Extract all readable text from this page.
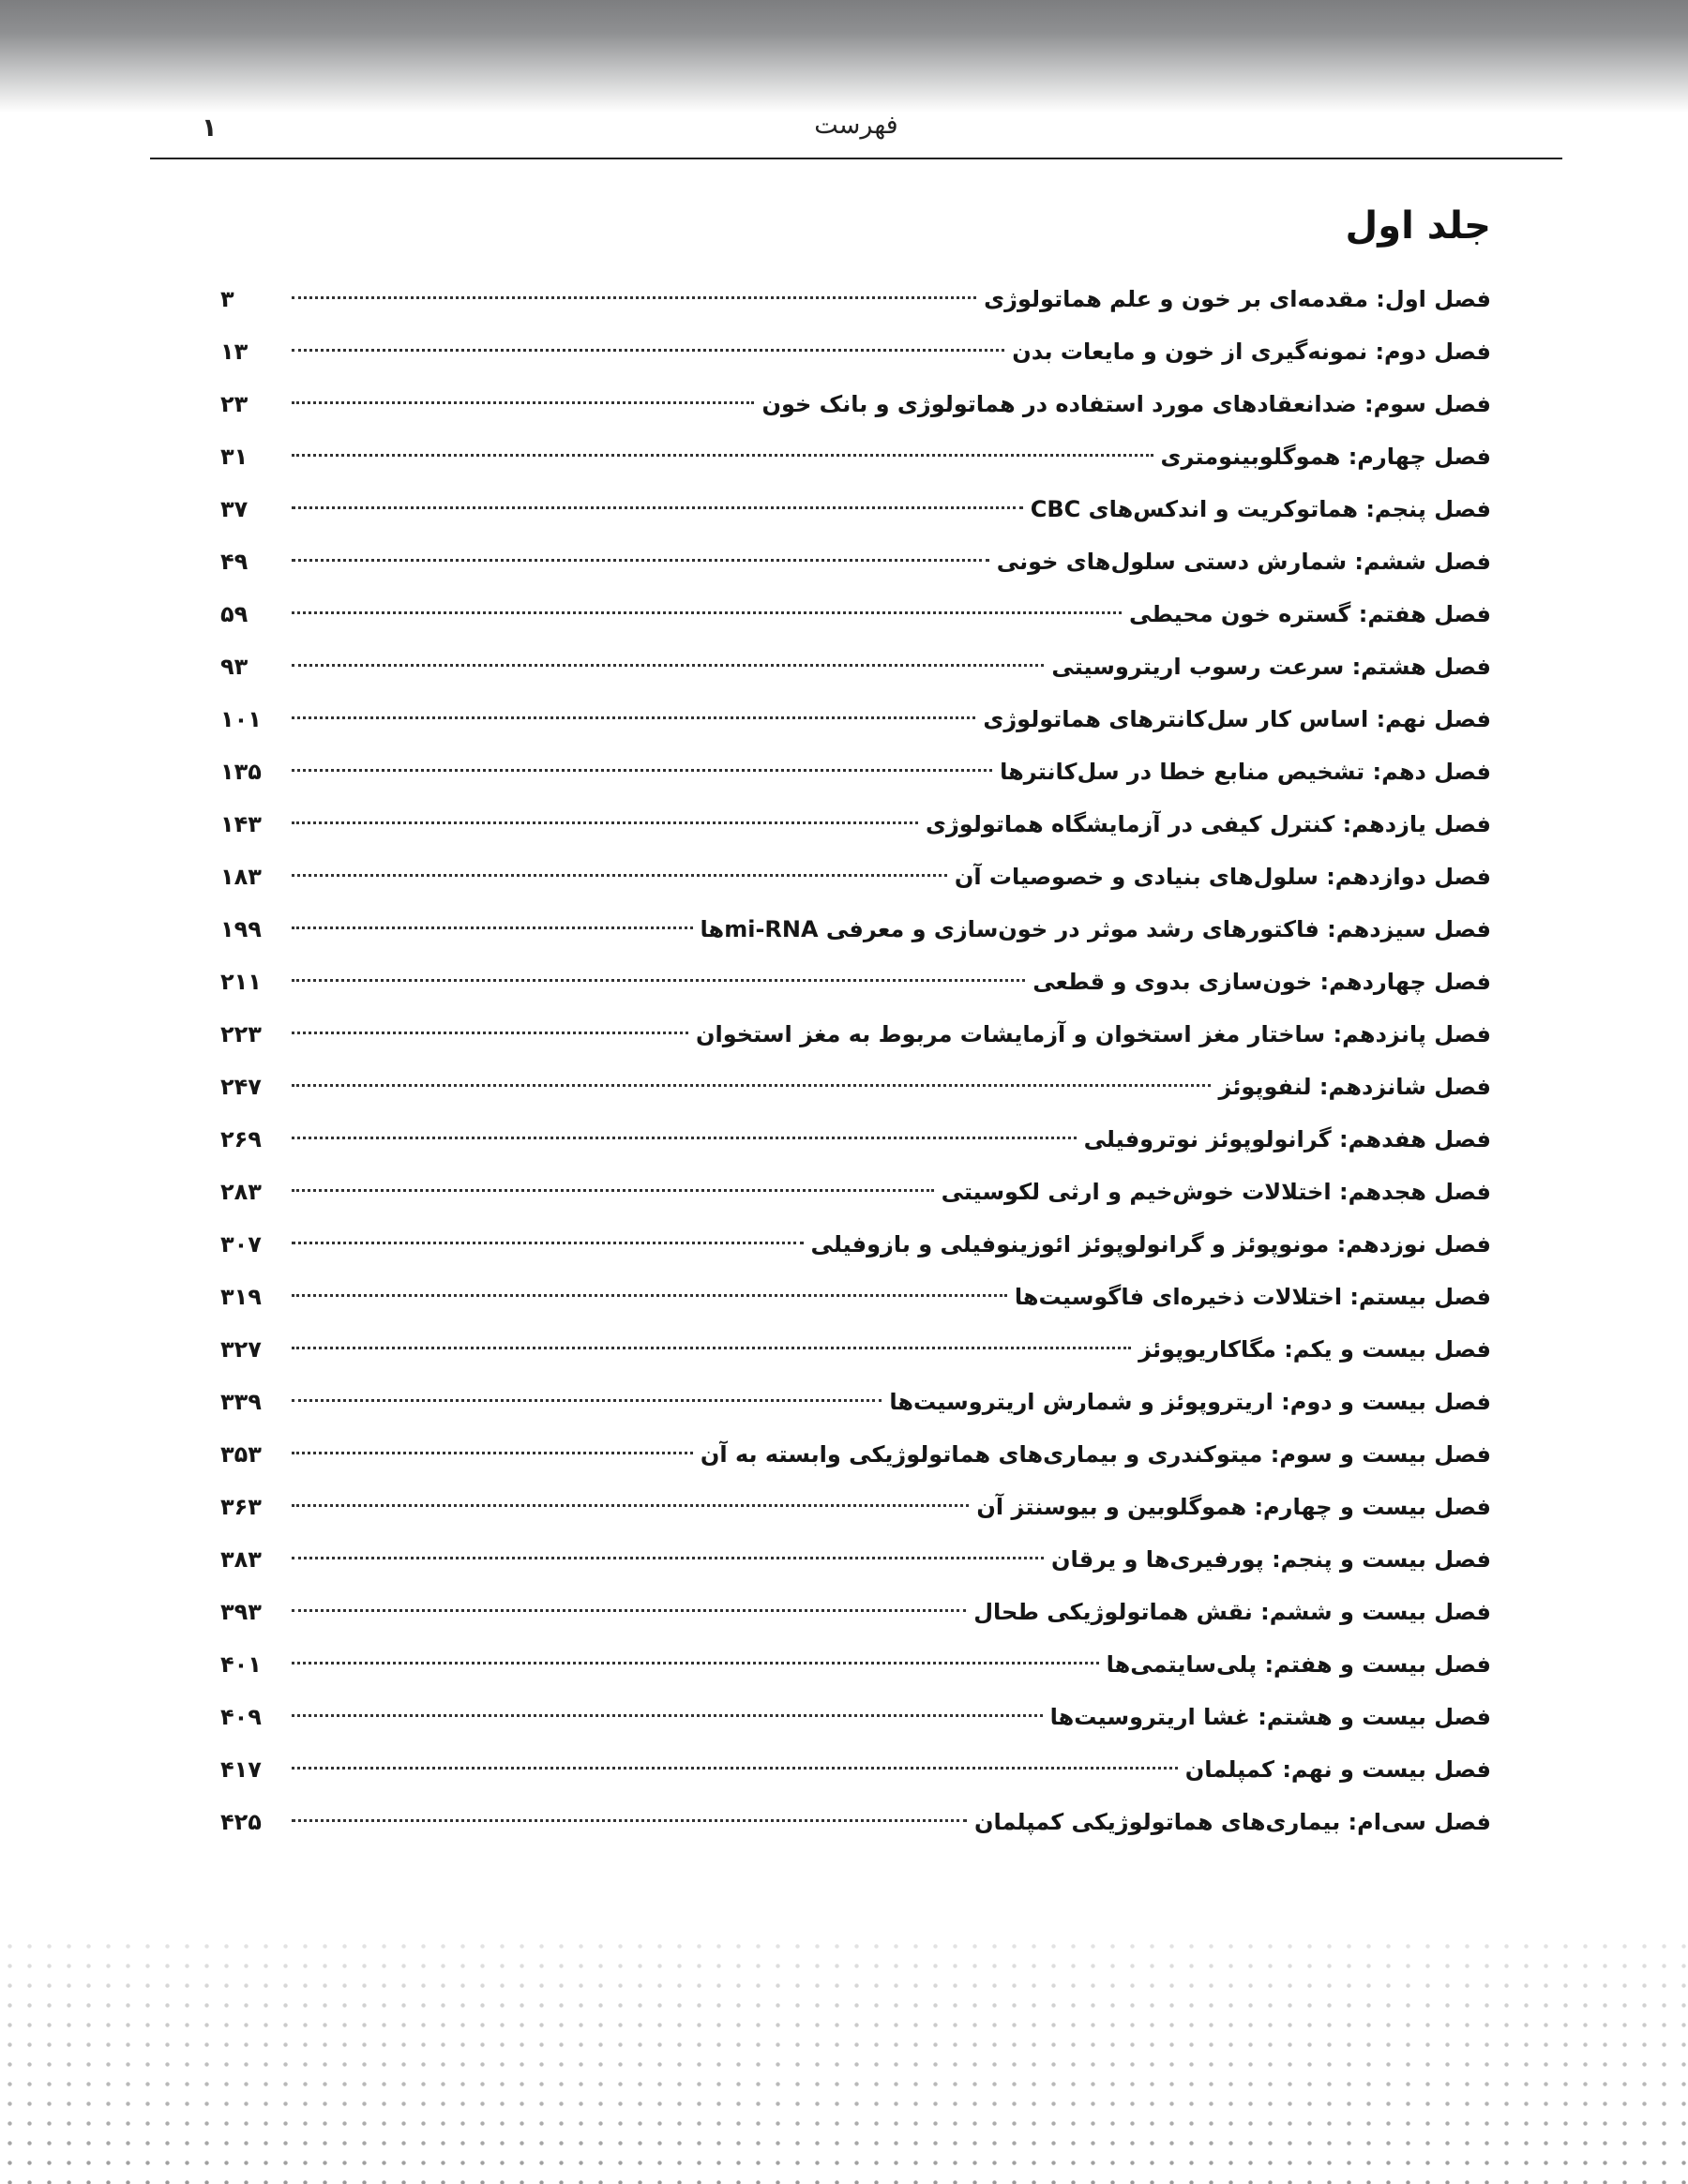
فهرست
۱
جلد اول
فصل اول: مقدمه‌ای بر خون و علم هماتولوژی
۳
فصل دوم: نمونه‌گیری از خون و مایعات بدن
۱۳
فصل سوم: ضدانعقادهای مورد استفاده در هماتولوژی و بانک خون
۲۳
فصل چهارم: هموگلوبینومتری
۳۱
فصل پنجم: هماتوکریت و اندکس‌های CBC
۳۷
فصل ششم: شمارش دستی سلول‌های خونی
۴۹
فصل هفتم: گستره خون محیطی
۵۹
فصل هشتم: سرعت رسوب اریتروسیتی
۹۳
فصل نهم: اساس کار سل‌کانترهای هماتولوژی
۱۰۱
فصل دهم: تشخیص منابع خطا در سل‌کانترها
۱۳۵
فصل یازدهم: کنترل کیفی در آزمایشگاه هماتولوژی
۱۴۳
فصل دوازدهم: سلول‌های بنیادی و خصوصیات آن
۱۸۳
فصل سیزدهم: فاکتورهای رشد موثر در خون‌سازی و معرفی mi-RNAها
۱۹۹
فصل چهاردهم: خون‌سازی بدوی و قطعی
۲۱۱
فصل پانزدهم: ساختار مغز استخوان و آزمایشات مربوط به مغز استخوان
۲۲۳
فصل شانزدهم: لنفوپوئز
۲۴۷
فصل هفدهم: گرانولوپوئز نوتروفیلی
۲۶۹
فصل هجدهم: اختلالات خوش‌خیم و ارثی لکوسیتی
۲۸۳
فصل نوزدهم: مونوپوئز و گرانولوپوئز ائوزینوفیلی و بازوفیلی
۳۰۷
فصل بیستم: اختلالات ذخیره‌ای فاگوسیت‌ها
۳۱۹
فصل بیست و یکم: مگاکاریوپوئز
۳۲۷
فصل بیست و دوم: اریتروپوئز و شمارش اریتروسیت‌ها
۳۳۹
فصل بیست و سوم: میتوکندری و بیماری‌های هماتولوژیکی وابسته به آن
۳۵۳
فصل بیست و چهارم: هموگلوبین و بیوسنتز آن
۳۶۳
فصل بیست و پنجم: پورفیری‌ها و یرقان
۳۸۳
فصل بیست و ششم: نقش هماتولوژیکی طحال
۳۹۳
فصل بیست و هفتم: پلی‌سایتمی‌ها
۴۰۱
فصل بیست و هشتم: غشا اریتروسیت‌ها
۴۰۹
فصل بیست و نهم: کمپلمان
۴۱۷
فصل سی‌ام: بیماری‌های هماتولوژیکی کمپلمان
۴۲۵
